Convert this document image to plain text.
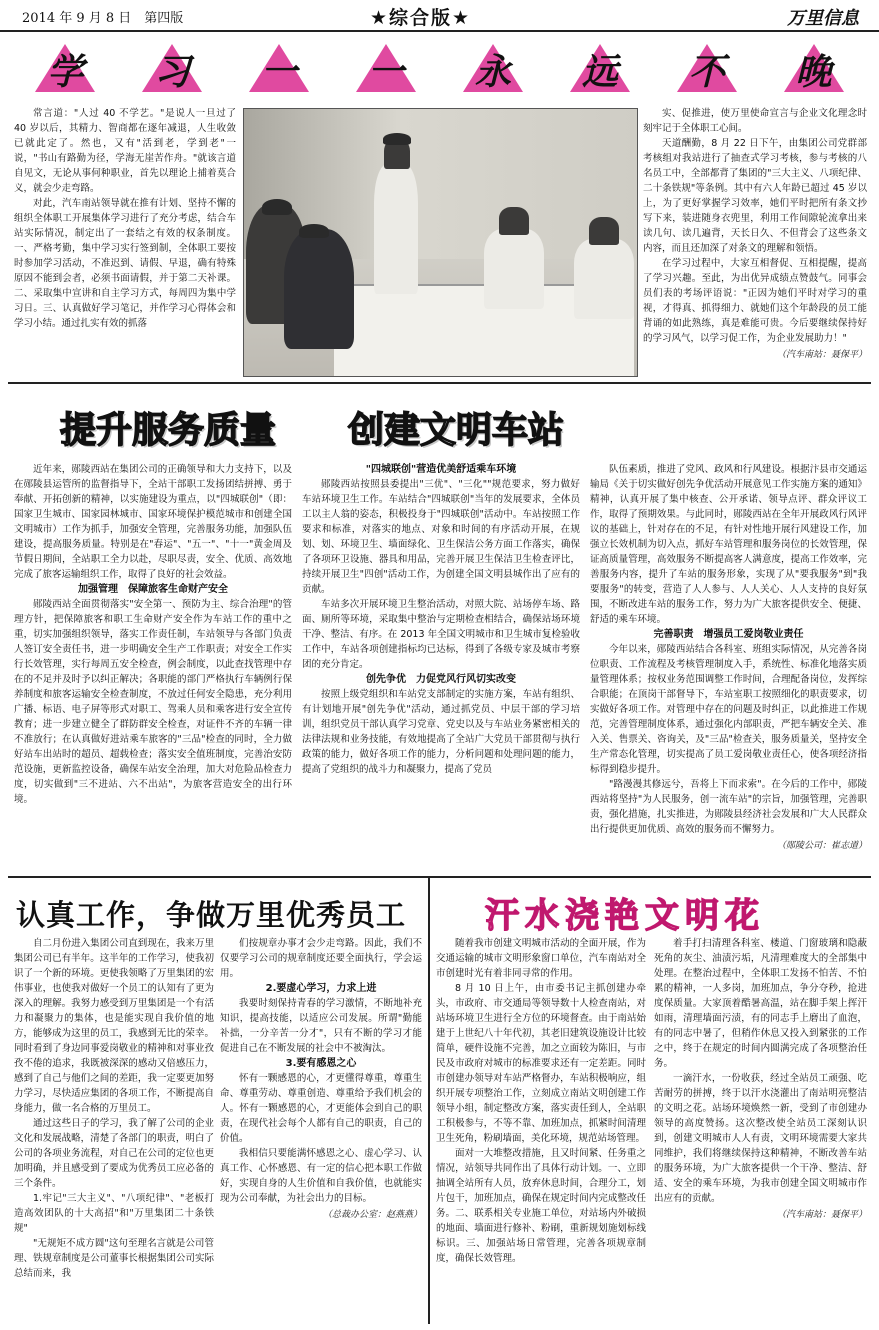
2014 年 9 月 8 日　第四版	★综合版★	万里信息
学 习 一 一 永 远 不 晚

常言道："人过 40 不学艺。"是说人一旦过了 40 岁以后，其精力、智商都在逐年减退，人生收敛已就此定了。然也，又有"活到老，学到老"一说，"书山有路勤为径，学海无崖苦作舟。"就该言道自见文，无论从事何种职业，首先以理论上捕着莫合义，就会少走弯路。

对此，汽车南站领导就在推有计划、坚持不懈的组织全体职工开展集体学习进行了充分考虑，结合车站实际情况，制定出了一套结之有效的权条制度。一、严格考勤，集中学习实行签到制，全体职工要按时参加学习活动，不准迟到、请假、早退，确有特殊原因不能到会者，必须书面请假，并于第二天补课。二、采取集中宣讲和自主学习方式，每周四为集中学习日。三、认真做好学习笔记，并作学习心得体会和学习小结。通过扎实有效的抓落

实、促推进，使万里使命宣言与企业文化理念时刻牢记于全体职工心间。

天道酬勤，8 月 22 日下午，由集团公司党群部考核组对我站进行了抽查式学习考核，参与考核的八名员工中，全部都背了集团的"三大主义、八项纪律、二十条铁规"等条例。其中有六人年龄已超过 45 岁以上，为了更好掌握学习效率，她们平时把所有条文抄写下来，装进随身衣兜里，利用工作间隙轮流拿出来读几句、读几遍背，天长日久、不但背会了这些条文内容，而且还加深了对条文的理解和领悟。

在学习过程中，大家互相督促、互相提醒，提高了学习兴趣。至此，为出优异成绩点赞鼓气。同事会员们表的考场评语说："正因为她们平时对学习的重视，才得真、抓得细力、就她们这个年龄段的员工能背诵的如此熟练，真是难能可贵。今后要继续保持好的学习风气，以学习促工作，为企业发展助力！"

（汽车南站：聂保平）
提升服务质量 创建文明车站

近年来，郧陵西站在集团公司的正确领导和大力支持下，以及在郧陵县运管所的监督指导下，全站干部职工发扬团结拼搏、勇于奉献、开拓创新的精神，以实施建设为重点，以"四城联创"（即：国家卫生城市、国家园林城市、国家环境保护模范城市和创建全国文明城市）工作为抓手，加强安全管理，完善服务功能，加强队伍建设，提高服务质量。特别是在"春运"、"五一"、"十一"黄金周及节假日期间，全站职工全力以赴，尽职尽责，安全、优质、高效地完成了旅客运输组织工作，取得了良好的社会效益。

加强管理　保障旅客生命财产安全

郧陵西站全面贯彻落实"安全第一、预防为主、综合治理"的管理方针，把保障旅客和职工生命财产安全作为车站工作的重中之重，切实加强组织领导，落实工作责任制，车站领导与各部门负责人签订安全责任书，进一步明确安全生产工作职责；对安全工作实行长效管理，实行每周五安全检查，例会制度，以此查找管理中存在的不足并及时予以纠正解决；各职能的部门严格执行车辆例行保养制度和旅客运输安全检查制度，不放过任何安全隐患，充分利用广播、标语、电子屏等形式对职工、驾乘人员和乘客进行安全宣传教育；进一步建立健全了群防群安全检查，对证件不齐的车辆一律不准放行；在认真做好进站乘车旅客的"三品"检查的同时，全力做好站车出站时的超员、超载检查；落实安全值班制度，完善治安防范设施，更新监控设备，确保车站安全治理，加大对危险品检查力度，切实做到"三不进站、六不出站"，为旅客营造安全的出行环境。

"四城联创"营造优美舒适乘车环境

郧陵西站按照县委提出"三优"、"三化""规范要求，努力做好车站环境卫生工作。车站结合"四城联创"当年的发展要求，全体员工以主人翁的姿态，积极投身于"四城联创"活动中。车站按照工作要求和标准，对落实的地点、对象和时间的有序活动开展，在规划、划、环境卫生、墙面绿化、卫生保洁公务方面工作落实，确保了各项环卫设施、器具和用品，完善开展卫生保洁卫生检查评比，持续开展卫生"四创"活动工作，为创建全国文明县城作出了应有的贡献。

车站多次开展环境卫生整治活动，对照大院、站场停车场、路面、厕所等环境，采取集中整治与定期检查相结合，确保站场环境干净、整洁、有序。在 2013 年全国文明城市和卫生城市复检验收工作中，车站各项创建指标均已达标，得到了各级专家及城市考察团的充分肯定。

创先争优　力促党风行风切实改变

按照上级党组织和车站党支部制定的实施方案，车站有组织、有计划地开展"创先争优"活动，通过抓党员、中层干部的学习培训，组织党员干部认真学习党章、党史以及与车站业务紧密相关的法律法规和业务技能，有效地提高了全站广大党员干部贯彻与执行政策的能力，做好各项工作的能力，分析问题和处理问题的能力，提高了党组织的战斗力和凝聚力，提高了党员

队伍素质，推进了党风、政风和行风建设。根据汴县市交通运输局《关于切实做好创先争优活动开展意见工作实施方案的通知》精神，认真开展了集中核查、公开承诺、领导点评、群众评议工作，取得了预期效果。与此同时，郧陵西站在全年开展政风行风评议的基础上，针对存在的不足，有针对性地开展行风建设工作，加强立长效机制为切入点，抓好车站管理和服务岗位的长效管理，保证高质量管理，高效服务不断提高客人满意度，提高工作效率，完善服务内容，提升了车站的服务形象，实现了从"要我服务"到"我要服务"的转变，营造了人人参与、人人关心、人人支持的良好氛围，不断改进车站的服务工作，努力为广大旅客提供安全、便捷、舒适的乘车环境。

完善职责　增强员工爱岗敬业责任

今年以来，郧陵西站结合各科室、班组实际情况，从完善各岗位职责、工作流程及考核管理制度入手，系统性、标准化地落实质量管理体系；按权业务范围调整工作时间，合理配备岗位，发挥综合职能；在顶岗干部督导下，车站室职工按照细化的职责要求，切实做好各项工作。对管理中存在的问题及时纠正，以此推进工作规范，完善管理制度体系，通过强化内部职责，严把车辆安全关、准入关、售票关、咨询关，及"三品"检查关，服务质量关，坚持安全生产常态化管理，切实提高了员工爱岗敬业责任心，使各项经济指标得到稳步提升。

"路漫漫其修远兮，吾将上下而求索"。在今后的工作中，郧陵西站将坚持"为人民服务，创一流车站"的宗旨，加强管理，完善职责，强化措施，扎实推进，为郧陵县经济社会发展和广大人民群众出行提供更加优质、高效的服务而不懈努力。

（郧陵公司：崔志道）
认真工作，争做万里优秀员工

自二月份进入集团公司直到现在，我来万里集团公司已有半年。这半年的工作学习，使我初识了一个新的环境。更使我领略了万里集团的宏伟事业，也使我对做好一个员工的认知有了更为深入的理解。我努力感受到万里集团是一个有活力和凝聚力的集体，也是能实现自我价值的地方，能够成为这里的员工，我感到无比的荣幸。同时看到了身边同事爱岗敬业的精神和对事业孜孜不倦的追求，我既被深深的感动又倍感压力，感到了自己与他们之间的差距，我一定要更加努力学习，尽快适应集团的各项工作，不断提高自身能力，做一名合格的万里员工。

通过这些日子的学习，我了解了公司的企业文化和发展战略，清楚了各部门的职责，明白了公司的各项业务流程，对自己在公司的定位也更加明确，并且感受到了要成为优秀员工应必备的三个条件。

1.牢记"三大主义"、"八项纪律"、"老板打造高效团队的十大高招"和"万里集团二十条铁规"

"无规矩不成方圆"这句至理名言就是公司管理、铁规章制度是公司董事长根据集团公司实际总结而来，我

们按规章办事才会少走弯路。因此，我们不仅要学习公司的规章制度还要全面执行，学会运用。

2.要虚心学习，力求上进

我要时刻保持青春的学习激情，不断地补充知识，提高技能，以适应公司发展。所谓"勤能补拙，一分辛苦一分才"，只有不断的学习才能促进自己在不断发展的社会中不被淘汰。

3.要有感恩之心

怀有一颗感恩的心，才更懂得尊重，尊重生命、尊重劳动、尊重创造、尊重给予我们机会的人。怀有一颗感恩的心，才更能体会到自己的职责，在现代社会每个人都有自己的职责，自己的价值。

我相信只要能满怀感恩之心、虚心学习、认真工作、心怀感恩、有一定的信心把本职工作做好，实现自身的人生价值和自我价值，也就能实现为公司奉献，为社会出力的目标。

（总裁办公室：赵燕燕）
汗水浇艳文明花

随着我市创建文明城市活动的全面开展，作为交通运输的城市文明形象窗口单位，汽车南站对全市创建时光有着非同寻常的作用。

8 月 10 日上午，由市委书记主抓创建办牵头，市政府、市交通局等领导数十人检查南站，对站场环境卫生进行全方位的环境督查。由于南站始建于上世纪八十年代初，其老旧建筑设施设计比较简单，硬件设施不完善，加之立面较为陈旧，与市民及市政府对城市的标准要求还有一定差距。同时市创建办领导对车站严格督办，车站积极响应，组织开展专项整治工作，立刻成立南站文明创建工作领导小组，制定整改方案，落实责任到人，全站职工积极参与，不等不靠、加班加点，抓紧时间清理卫生死角，粉刷墙面，美化环境，规范站场管理。

面对一大堆整改措施，且又时间紧、任务重之情况，站领导共同作出了具体行动计划。一、立即抽调全站所有人员，放弃休息时间，合理分工，划片包干，加班加点，确保在规定时间内完成整改任务。二、联系相关专业施工单位，对站场内外破损的地面、墙面进行修补、粉刷，重新规划施划标线标识。三、加强站场日常管理，完善各项规章制度，确保长效管理。

着手打扫清理各科室、楼道、门窗玻璃和隐蔽死角的灰尘、油渍污垢，凡清理难度大的全部集中处理。在整治过程中，全体职工发扬不怕苦、不怕累的精神，一人多岗，加班加点，争分夺秒，抢进度保质量。大家顶着酷暑高温，站在脚手架上挥汗如雨，清理墙面污渍，有的同志手上磨出了血泡，有的同志中暑了，但稍作休息又投入到紧张的工作之中，终于在规定的时间内圆满完成了各项整治任务。

一滴汗水，一份收获，经过全站员工顽强、吃苦耐劳的拼搏，终于以汗水浇灌出了南站明亮整洁的文明之花。站场环境焕然一新，受到了市创建办领导的高度赞扬。这次整改使全站员工深刻认识到，创建文明城市人人有责，文明环境需要大家共同维护，我们将继续保持这种精神，不断改善车站的服务环境，为广大旅客提供一个干净、整洁、舒适、安全的乘车环境，为我市创建全国文明城市作出应有的贡献。

（汽车南站：聂保平）
